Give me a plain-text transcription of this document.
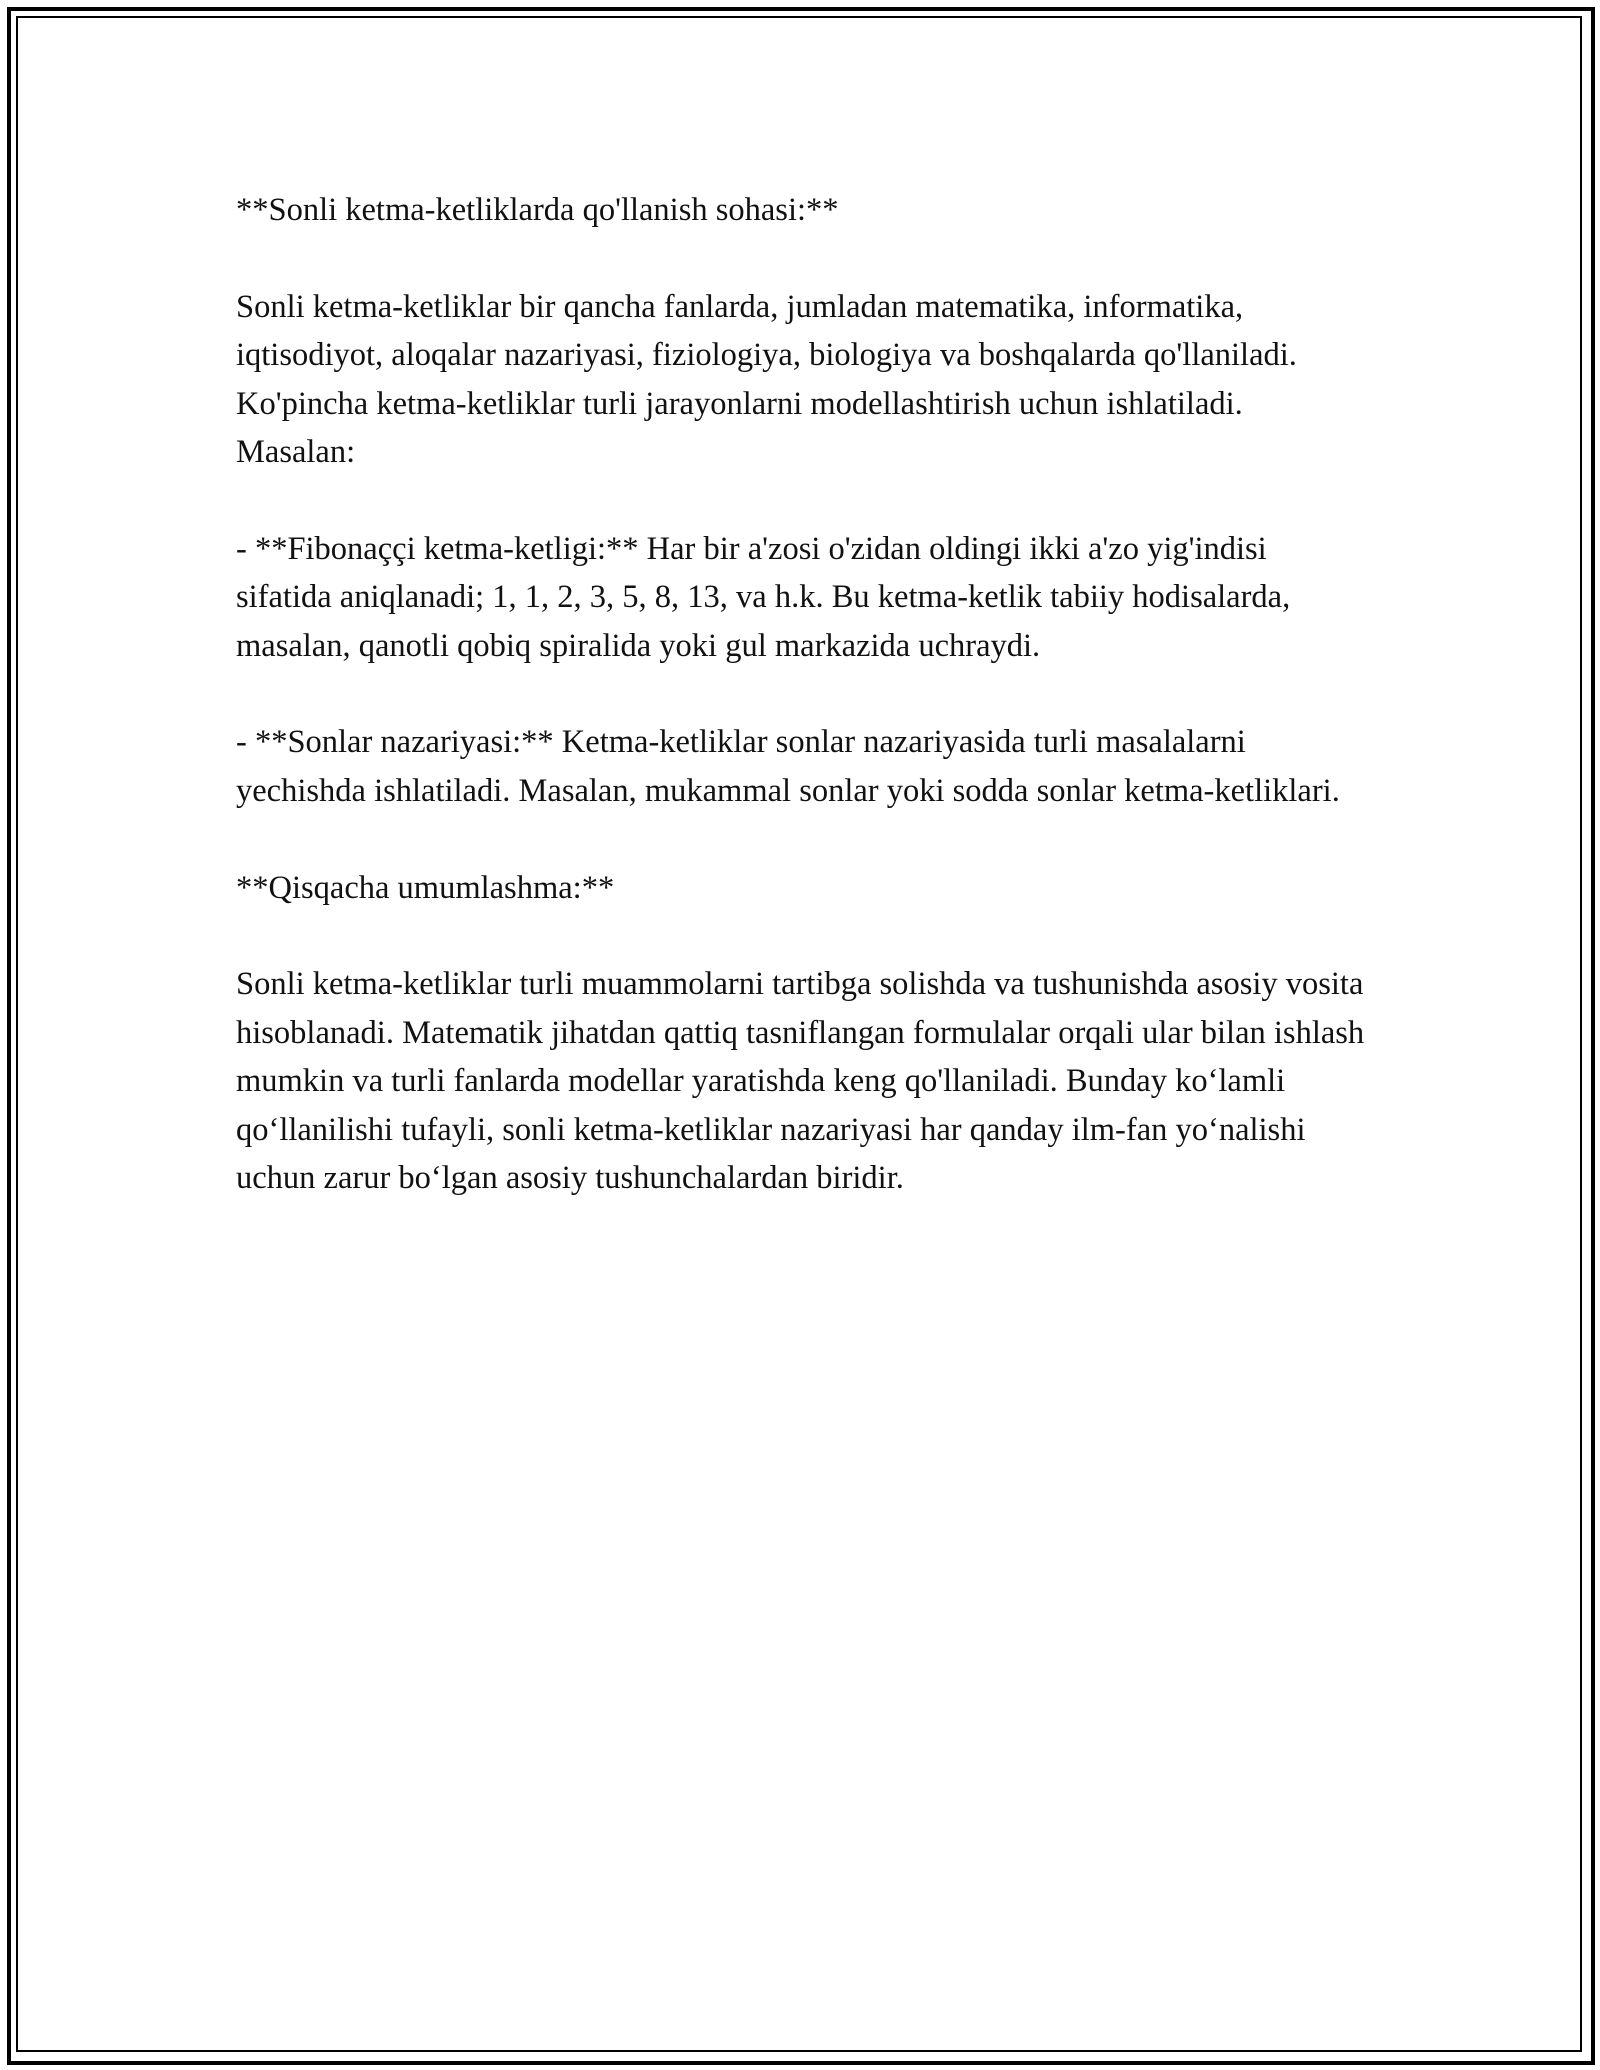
**Sonli ketma-ketliklarda qo'llanish sohasi:**

Sonli ketma-ketliklar bir qancha fanlarda, jumladan matematika, informatika, iqtisodiyot, aloqalar nazariyasi, fiziologiya, biologiya va boshqalarda qo'llaniladi. Ko'pincha ketma-ketliklar turli jarayonlarni modellashtirish uchun ishlatiladi. Masalan:

- **Fibonaççi ketma-ketligi:** Har bir a'zosi o'zidan oldingi ikki a'zo yig'indisi sifatida aniqlanadi; 1, 1, 2, 3, 5, 8, 13, va h.k. Bu ketma-ketlik tabiiy hodisalarda, masalan, qanotli qobiq spiralida yoki gul markazida uchraydi.

- **Sonlar nazariyasi:** Ketma-ketliklar sonlar nazariyasida turli masalalarni yechishda ishlatiladi. Masalan, mukammal sonlar yoki sodda sonlar ketma-ketliklari.

**Qisqacha umumlashma:**

Sonli ketma-ketliklar turli muammolarni tartibga solishda va tushunishda asosiy vosita hisoblanadi. Matematik jihatdan qattiq tasniflangan formulalar orqali ular bilan ishlash mumkin va turli fanlarda modellar yaratishda keng qo'llaniladi. Bunday koʻlamli qoʻllanilishi tufayli, sonli ketma-ketliklar nazariyasi har qanday ilm-fan yoʻnalishi uchun zarur boʻlgan asosiy tushunchalardan biridir.
